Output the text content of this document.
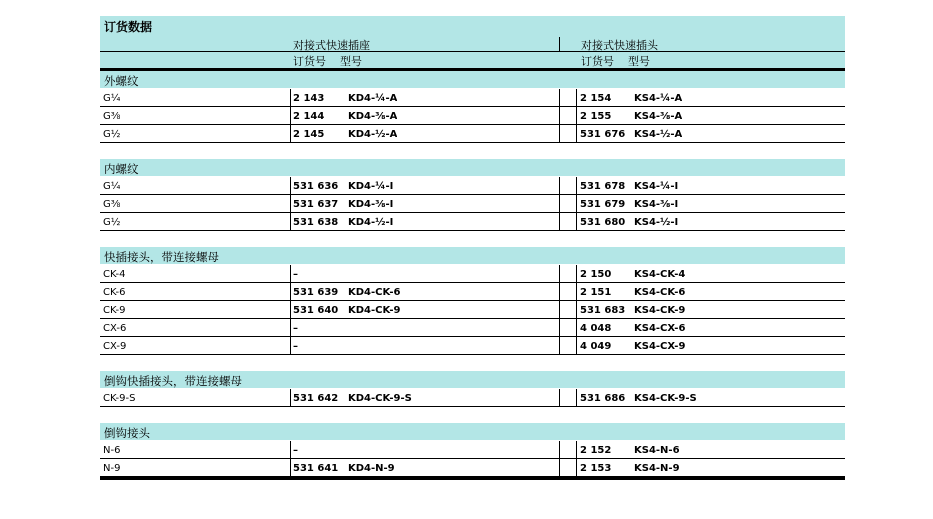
订货数据
对接式快速插座	对接式快速插头
订货号 型号	订货号 型号
外螺纹
G¼	2 143 KD4-¼-A	2 154 KS4-¼-A
G⅜	2 144 KD4-⅜-A	2 155 KS4-⅜-A
G½	2 145 KD4-½-A	531 676 KS4-½-A
内螺纹
G¼	531 636 KD4-¼-I	531 678 KS4-¼-I
G⅜	531 637 KD4-⅜-I	531 679 KS4-⅜-I
G½	531 638 KD4-½-I	531 680 KS4-½-I
快插接头，带连接螺母
CK-4	–	2 150 KS4-CK-4
CK-6	531 639 KD4-CK-6	2 151 KS4-CK-6
CK-9	531 640 KD4-CK-9	531 683 KS4-CK-9
CX-6	–	4 048 KS4-CX-6
CX-9	–	4 049 KS4-CX-9
倒钩快插接头，带连接螺母
CK-9-S	531 642 KD4-CK-9-S	531 686 KS4-CK-9-S
倒钩接头
N-6	–	2 152 KS4-N-6
N-9	531 641 KD4-N-9	2 153 KS4-N-9
